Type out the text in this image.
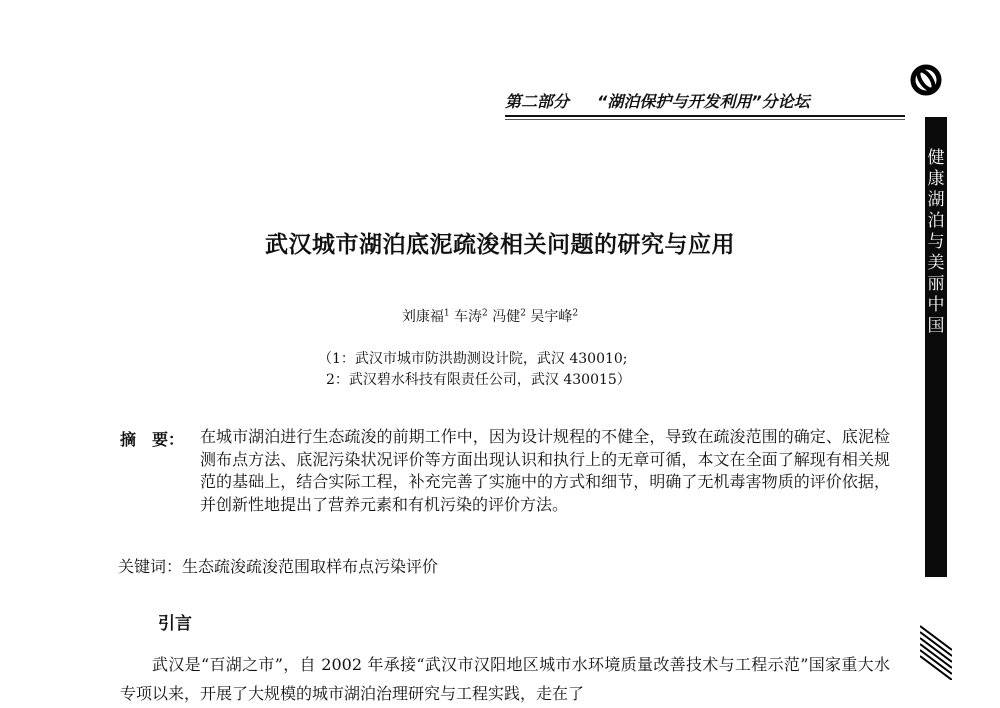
第二部分 “湖泊保护与开发利用”分论坛
健康湖泊与美丽中国
武汉城市湖泊底泥疏浚相关问题的研究与应用
刘康福$^1$ 车涛$^2$ 冯健$^2$ 吴宇峰$^2$
（1：武汉市城市防洪勘测设计院，武汉 430010;
2：武汉碧水科技有限责任公司，武汉 430015）
摘　要： 在城市湖泊进行生态疏浚的前期工作中，因为设计规程的不健全，导致在疏浚范围的确定、底泥检测布点方法、底泥污染状况评价等方面出现认识和执行上的无章可循，本文在全面了解现有相关规范的基础上，结合实际工程，补充完善了实施中的方式和细节，明确了无机毒害物质的评价依据，并创新性地提出了营养元素和有机污染的评价方法。
关键词：生态疏浚疏浚范围取样布点污染评价
引言
武汉是“百湖之市”，自 2002 年承接“武汉市汉阳地区城市水环境质量改善技术与工程示范”国家重大水专项以来，开展了大规模的城市湖泊治理研究与工程实践，走在了
